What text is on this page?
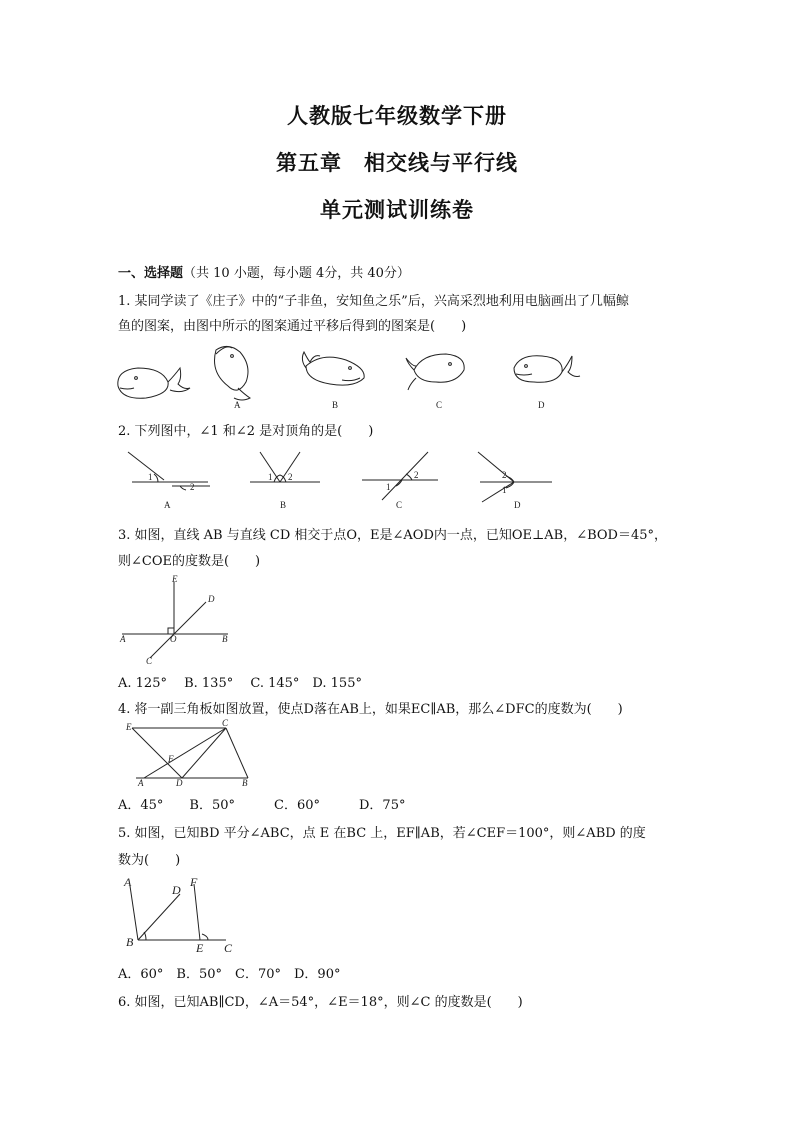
人教版七年级数学下册
第五章　相交线与平行线
单元测试训练卷
一、选择题（共 10 小题，每小题 4分，共 40分）
1. 某同学读了《庄子》中的“子非鱼，安知鱼之乐”后，兴高采烈地利用电脑画出了几幅鲸
鱼的图案，由图中所示的图案通过平移后得到的图案是(　　)
A	B	C	D
2. 下列图中，∠1 和∠2 是对顶角的是(　　)
1
2
A
1 2
B
1
2
C
2
1
D
3. 如图，直线 AB 与直线 CD 相交于点O，E是∠AOD内一点，已知OE⊥AB，∠BOD＝45°，
则∠COE的度数是(　　)
E
D
A	O	B
C
A. 125°　 B. 135°　 C. 145°　D. 155°
4. 将一副三角板如图放置，使点D落在AB上，如果EC∥AB，那么∠DFC的度数为(　　)
E	C
F
A	D	B
A．45°　　B．50°　　　C．60°　　　D．75°
5. 如图，已知BD 平分∠ABC，点 E 在BC 上，EF∥AB，若∠CEF＝100°，则∠ABD 的度
数为(　　)
A
D
F
B	E C
A．60°　B．50°　C．70°　D．90°
6. 如图，已知AB∥CD，∠A＝54°，∠E＝18°，则∠C 的度数是(　　)
